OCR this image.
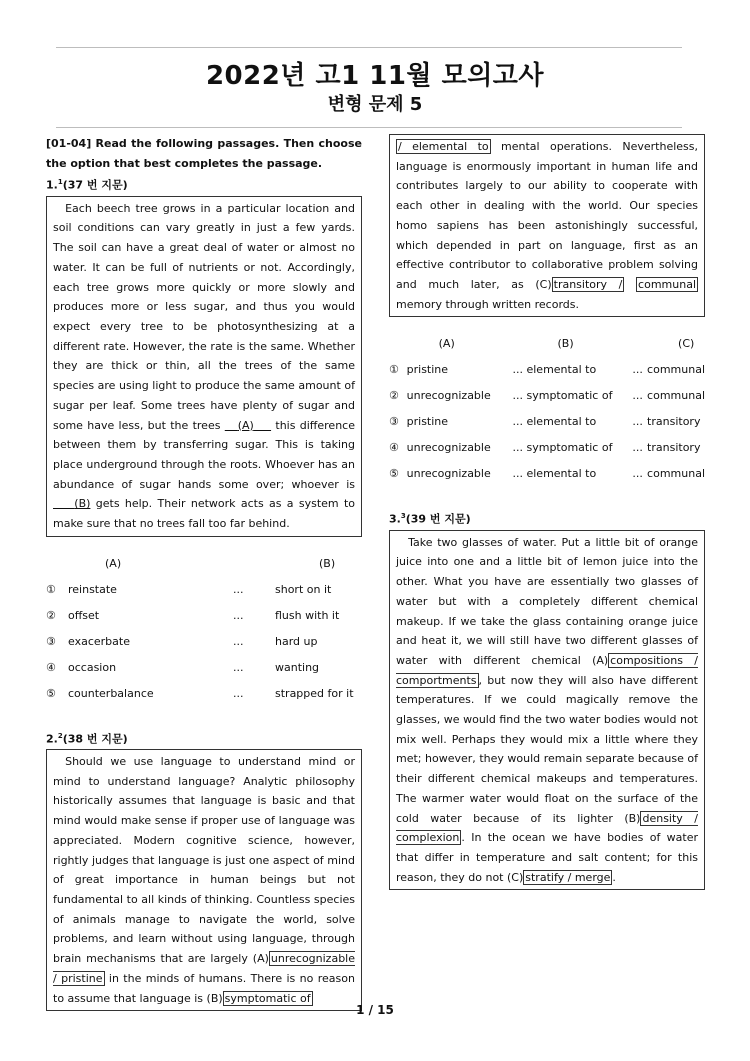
2022년 고1 11월 모의고사
변형 문제 5
[01-04] Read the following passages. Then choose the option that best completes the passage.
1.$^1$(37 번 지문)
Each beech tree grows in a particular location and soil conditions can vary greatly in just a few yards. The soil can have a great deal of water or almost no water. It can be full of nutrients or not. Accordingly, each tree grows more quickly or more slowly and produces more or less sugar, and thus you would expect every tree to be photosynthesizing at a different rate. However, the rate is the same. Whether they are thick or thin, all the trees of the same species are using light to produce the same amount of sugar per leaf. Some trees have plenty of sugar and some have less, but the trees (A) this difference between them by transferring sugar. This is taking place underground through the roots. Whoever has an abundance of sugar hands some over; whoever is     (B) gets help. Their network acts as a system to make sure that no trees fall too far behind.
	(A)		(B)
①	reinstate	...	short on it
②	offset	...	flush with it
③	exacerbate	...	hard up
④	occasion	...	wanting
⑤	counterbalance	...	strapped for it
2.$^2$(38 번 지문)
Should we use language to understand mind or mind to understand language? Analytic philosophy historically assumes that language is basic and that mind would make sense if proper use of language was appreciated. Modern cognitive science, however, rightly judges that language is just one aspect of mind of great importance in human beings but not fundamental to all kinds of thinking. Countless species of animals manage to navigate the world, solve problems, and learn without using language, through brain mechanisms that are largely (A) unrecognizable / pristine in the minds of humans. There is no reason to assume that language is (B) symptomatic of
/ elemental to mental operations. Nevertheless, language is enormously important in human life and contributes largely to our ability to cooperate with each other in dealing with the world. Our species homo sapiens has been astonishingly successful, which depended in part on language, first as an effective contributor to collaborative problem solving and much later, as (C) transitory / communal memory through written records.
	(A)		(B)		(C)
①	pristine	...	elemental to	...	communal
②	unrecognizable	...	symptomatic of	...	communal
③	pristine	...	elemental to	...	transitory
④	unrecognizable	...	symptomatic of	...	transitory
⑤	unrecognizable	...	elemental to	...	communal
3.$^3$(39 번 지문)
Take two glasses of water. Put a little bit of orange juice into one and a little bit of lemon juice into the other. What you have are essentially two glasses of water but with a completely different chemical makeup. If we take the glass containing orange juice and heat it, we will still have two different glasses of water with different chemical (A) compositions / comportments , but now they will also have different temperatures. If we could magically remove the glasses, we would find the two water bodies would not mix well. Perhaps they would mix a little where they met; however, they would remain separate because of their different chemical makeups and temperatures. The warmer water would float on the surface of the cold water because of its lighter (B) density / complexion . In the ocean we have bodies of water that differ in temperature and salt content; for this reason, they do not (C) stratify / merge .
1 / 15
